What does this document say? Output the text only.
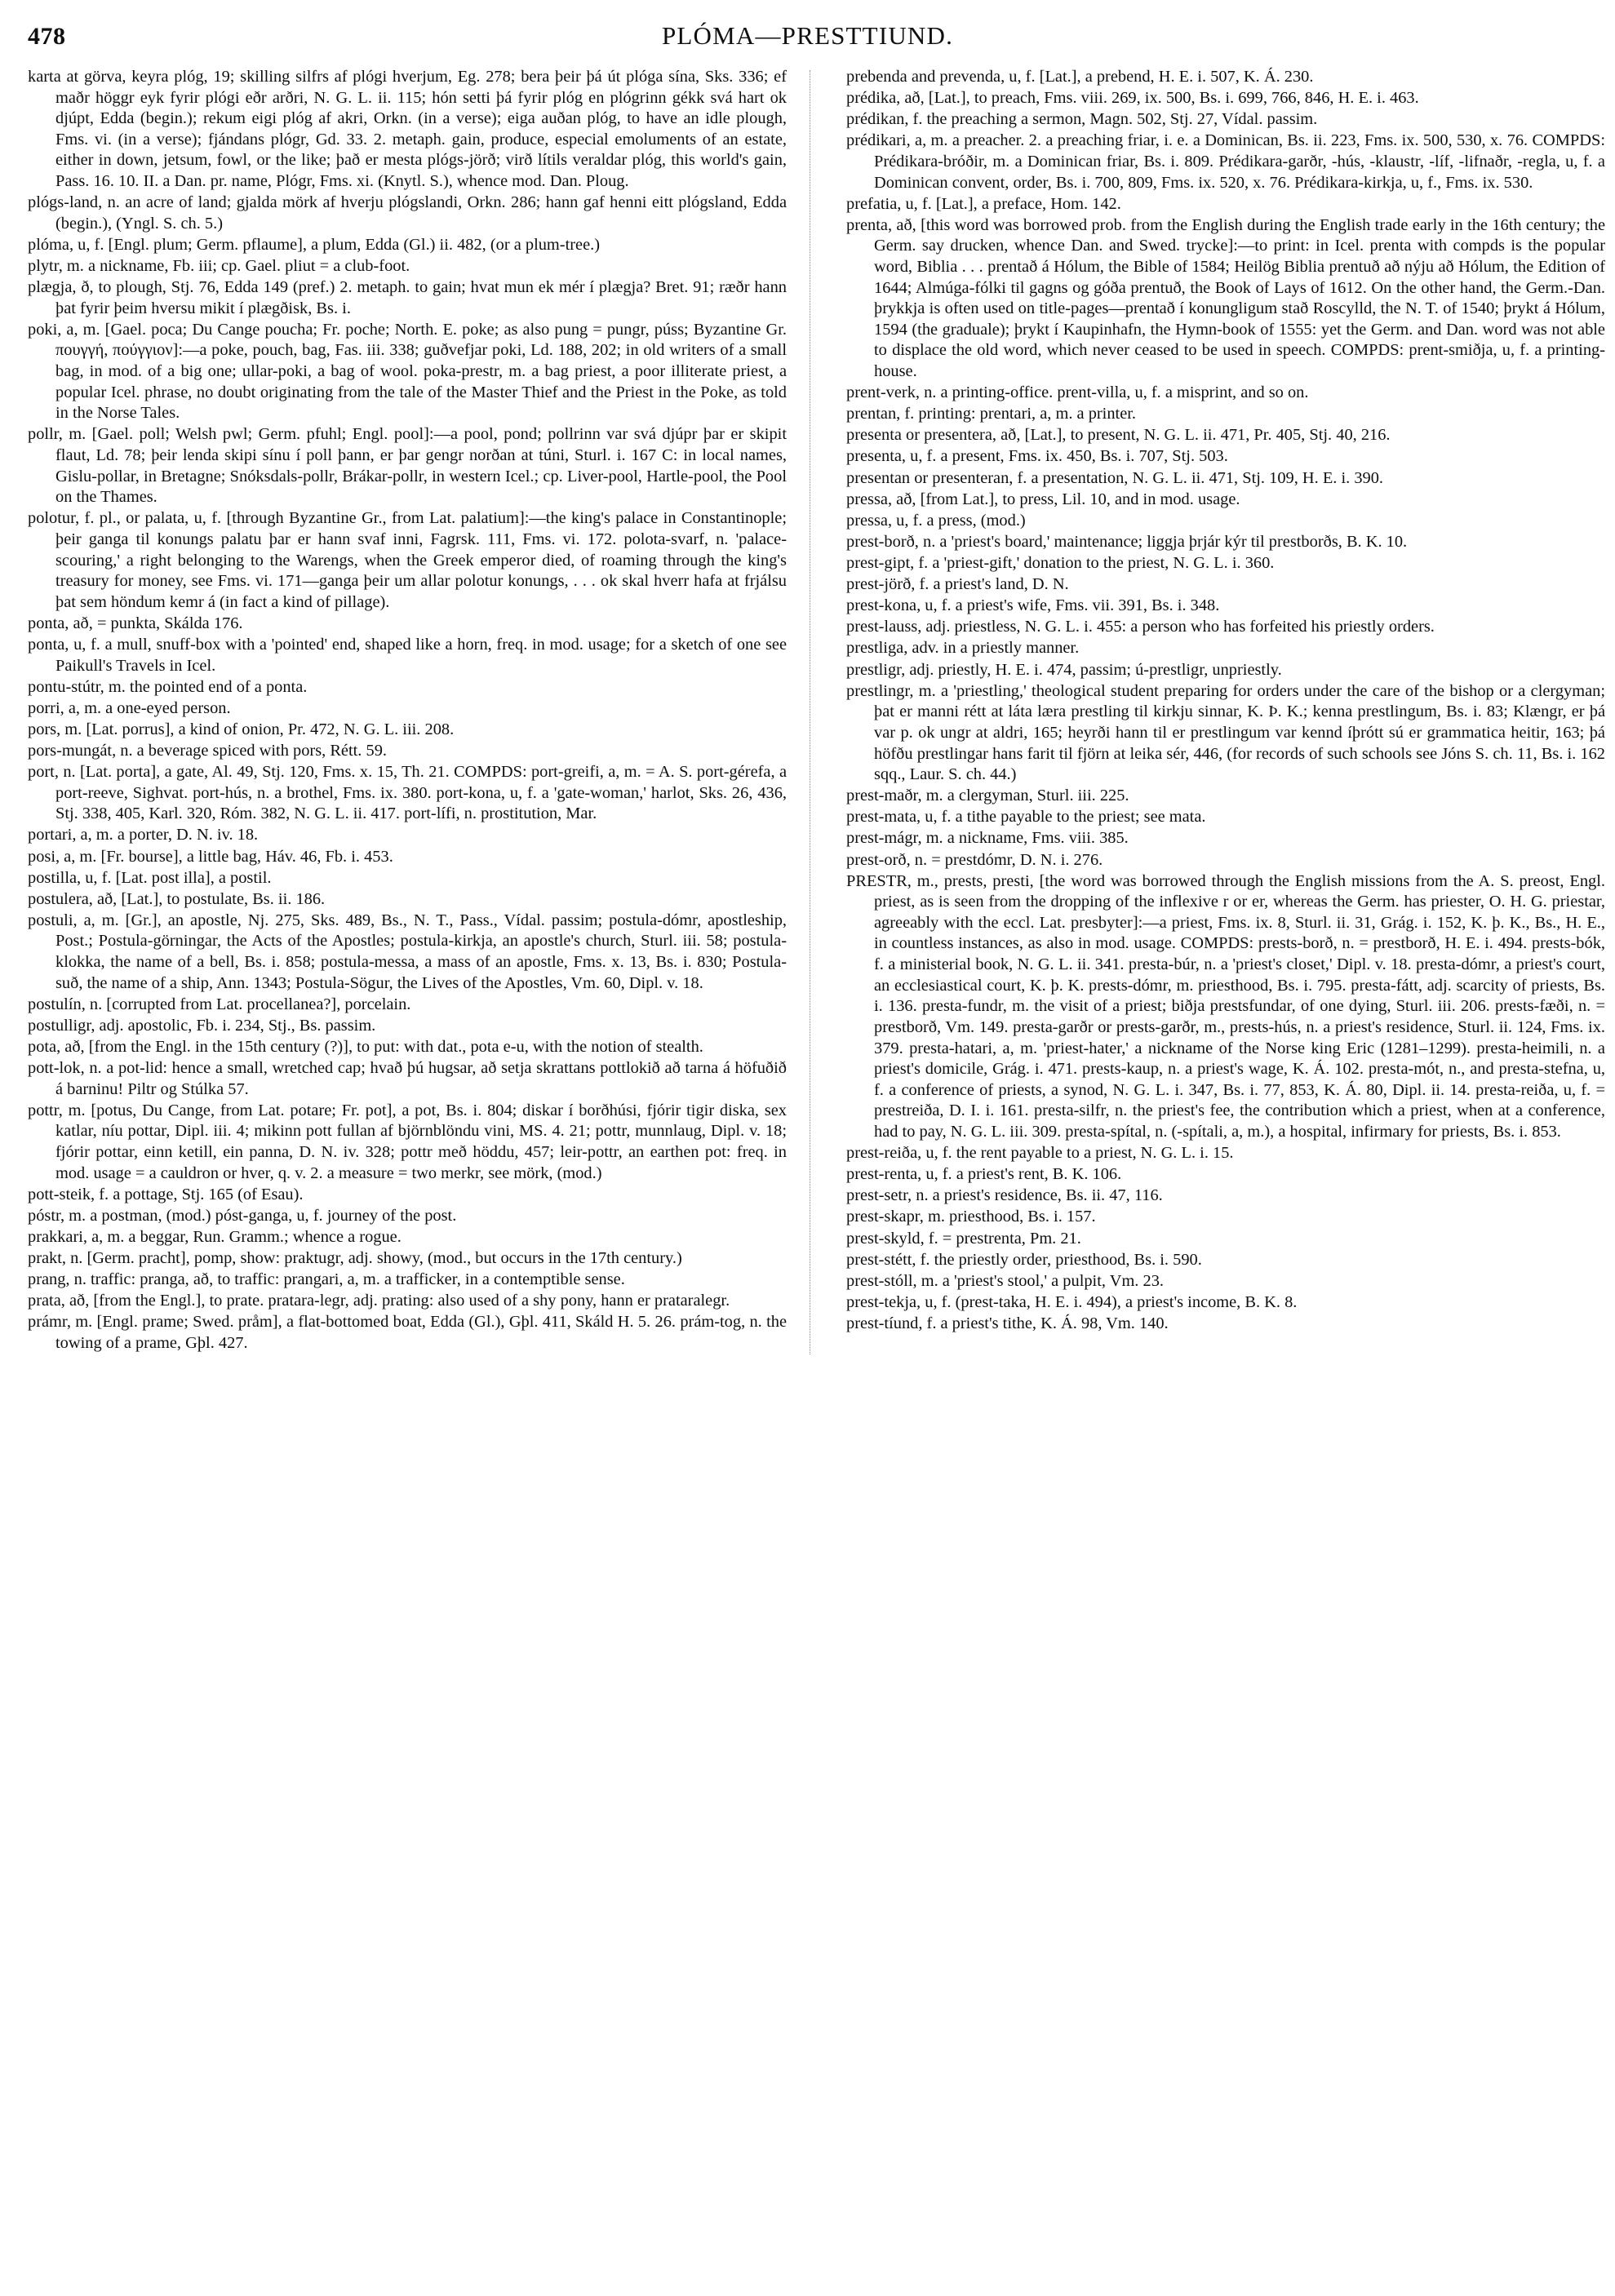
478	PLÓMA—PRESTTIUND.

karta at görva, keyra plóg, 19; skilling silfrs af plógi hverjum, Eg. 278; bera þeir þá út plóga sína, Sks. 336; ef maðr höggr eyk fyrir plógi eðr arðri, N. G. L. ii. 115; hón setti þá fyrir plóg en plógrinn gékk svá hart ok djúpt, Edda (begin.); rekum eigi plóg af akri, Orkn. (in a verse); eiga auðan plóg, to have an idle plough, Fms. vi. (in a verse); fjándans plógr, Gd. 33. 2. metaph. gain, produce, especial emoluments of an estate, either in down, jetsum, fowl, or the like; það er mesta plógs-jörð; virð lítils veraldar plóg, this world's gain, Pass. 16. 10. II. a Dan. pr. name, Plógr, Fms. xi. (Knytl. S.), whence mod. Dan. Ploug.

plógs-land, n. an acre of land; gjalda mörk af hverju plógslandi, Orkn. 286; hann gaf henni eitt plógsland, Edda (begin.), (Yngl. S. ch. 5.)

plóma, u, f. [Engl. plum; Germ. pflaume], a plum, Edda (Gl.) ii. 482, (or a plum-tree.)

plytr, m. a nickname, Fb. iii; cp. Gael. pliut = a club-foot.

plægja, ð, to plough, Stj. 76, Edda 149 (pref.) 2. metaph. to gain; hvat mun ek mér í plægja? Bret. 91; ræðr hann þat fyrir þeim hversu mikit í plægðisk, Bs. i.

poki, a, m. [Gael. poca; Du Cange poucha; Fr. poche; North. E. poke; as also pung = pungr, púss; Byzantine Gr. πουγγή, πούγγιον]:—a poke, pouch, bag, Fas. iii. 338; guðvefjar poki, Ld. 188, 202; in old writers of a small bag, in mod. of a big one; ullar-poki, a bag of wool. poka-prestr, m. a bag priest, a poor illiterate priest, a popular Icel. phrase, no doubt originating from the tale of the Master Thief and the Priest in the Poke, as told in the Norse Tales.

pollr, m. [Gael. poll; Welsh pwl; Germ. pfuhl; Engl. pool]:—a pool, pond; pollrinn var svá djúpr þar er skipit flaut, Ld. 78; þeir lenda skipi sínu í poll þann, er þar gengr norðan at túni, Sturl. i. 167 C: in local names, Gislu-pollar, in Bretagne; Snóksdals-pollr, Brákar-pollr, in western Icel.; cp. Liver-pool, Hartle-pool, the Pool on the Thames.

polotur, f. pl., or palata, u, f. [through Byzantine Gr., from Lat. palatium]:—the king's palace in Constantinople; þeir ganga til konungs palatu þar er hann svaf inni, Fagrsk. 111, Fms. vi. 172. polota-svarf, n. 'palace-scouring,' a right belonging to the Warengs, when the Greek emperor died, of roaming through the king's treasury for money, see Fms. vi. 171—ganga þeir um allar polotur konungs, . . . ok skal hverr hafa at frjálsu þat sem höndum kemr á (in fact a kind of pillage).

ponta, að, = punkta, Skálda 176.

ponta, u, f. a mull, snuff-box with a 'pointed' end, shaped like a horn, freq. in mod. usage; for a sketch of one see Paikull's Travels in Icel.

pontu-stútr, m. the pointed end of a ponta.

porri, a, m. a one-eyed person.

pors, m. [Lat. porrus], a kind of onion, Pr. 472, N. G. L. iii. 208.

pors-mungát, n. a beverage spiced with pors, Rétt. 59.

port, n. [Lat. porta], a gate, Al. 49, Stj. 120, Fms. x. 15, Th. 21. COMPDS: port-greifi, a, m. = A. S. port-gérefa, a port-reeve, Sighvat. port-hús, n. a brothel, Fms. ix. 380. port-kona, u, f. a 'gate-woman,' harlot, Sks. 26, 436, Stj. 338, 405, Karl. 320, Róm. 382, N. G. L. ii. 417. port-lífi, n. prostitution, Mar.

portari, a, m. a porter, D. N. iv. 18.

posi, a, m. [Fr. bourse], a little bag, Háv. 46, Fb. i. 453.

postilla, u, f. [Lat. post illa], a postil.

postulera, að, [Lat.], to postulate, Bs. ii. 186.

postuli, a, m. [Gr.], an apostle, Nj. 275, Sks. 489, Bs., N. T., Pass., Vídal. passim; postula-dómr, apostleship, Post.; Postula-görningar, the Acts of the Apostles; postula-kirkja, an apostle's church, Sturl. iii. 58; postula-klokka, the name of a bell, Bs. i. 858; postula-messa, a mass of an apostle, Fms. x. 13, Bs. i. 830; Postula-suð, the name of a ship, Ann. 1343; Postula-Sögur, the Lives of the Apostles, Vm. 60, Dipl. v. 18.

postulín, n. [corrupted from Lat. procellanea?], porcelain.

postulligr, adj. apostolic, Fb. i. 234, Stj., Bs. passim.

pota, að, [from the Engl. in the 15th century (?)], to put: with dat., pota e-u, with the notion of stealth.

pott-lok, n. a pot-lid: hence a small, wretched cap; hvað þú hugsar, að setja skrattans pottlokið að tarna á höfuðið á barninu! Piltr og Stúlka 57.

pottr, m. [potus, Du Cange, from Lat. potare; Fr. pot], a pot, Bs. i. 804; diskar í borðhúsi, fjórir tigir diska, sex katlar, níu pottar, Dipl. iii. 4; mikinn pott fullan af björnblöndu vini, MS. 4. 21; pottr, munnlaug, Dipl. v. 18; fjórir pottar, einn ketill, ein panna, D. N. iv. 328; pottr með höddu, 457; leir-pottr, an earthen pot: freq. in mod. usage = a cauldron or hver, q. v. 2. a measure = two merkr, see mörk, (mod.)

pott-steik, f. a pottage, Stj. 165 (of Esau).

póstr, m. a postman, (mod.) póst-ganga, u, f. journey of the post.

prakkari, a, m. a beggar, Run. Gramm.; whence a rogue.

prakt, n. [Germ. pracht], pomp, show: praktugr, adj. showy, (mod., but occurs in the 17th century.)

prang, n. traffic: pranga, að, to traffic: prangari, a, m. a trafficker, in a contemptible sense.

prata, að, [from the Engl.], to prate. pratara-legr, adj. prating: also used of a shy pony, hann er prataralegr.

prámr, m. [Engl. prame; Swed. pråm], a flat-bottomed boat, Edda (Gl.), Gþl. 411, Skáld H. 5. 26. prám-tog, n. the towing of a prame, Gþl. 427.

prebenda and prevenda, u, f. [Lat.], a prebend, H. E. i. 507, K. Á. 230.

prédika, að, [Lat.], to preach, Fms. viii. 269, ix. 500, Bs. i. 699, 766, 846, H. E. i. 463.

prédikan, f. the preaching a sermon, Magn. 502, Stj. 27, Vídal. passim.

prédikari, a, m. a preacher. 2. a preaching friar, i. e. a Dominican, Bs. ii. 223, Fms. ix. 500, 530, x. 76. COMPDS: Prédikara-bróðir, m. a Dominican friar, Bs. i. 809. Prédikara-garðr, -hús, -klaustr, -líf, -lifnaðr, -regla, u, f. a Dominican convent, order, Bs. i. 700, 809, Fms. ix. 520, x. 76. Prédikara-kirkja, u, f., Fms. ix. 530.

prefatia, u, f. [Lat.], a preface, Hom. 142.

prenta, að, [this word was borrowed prob. from the English during the English trade early in the 16th century; the Germ. say drucken, whence Dan. and Swed. trycke]:—to print: in Icel. prenta with compds is the popular word, Biblia . . . prentað á Hólum, the Bible of 1584; Heilög Biblia prentuð að nýju að Hólum, the Edition of 1644; Almúga-fólki til gagns og góða prentuð, the Book of Lays of 1612. On the other hand, the Germ.-Dan. þrykkja is often used on title-pages—prentað í konungligum stað Roscylld, the N. T. of 1540; þrykt á Hólum, 1594 (the graduale); þrykt í Kaupinhafn, the Hymn-book of 1555: yet the Germ. and Dan. word was not able to displace the old word, which never ceased to be used in speech. COMPDS: prent-smiðja, u, f. a printing-house.

prent-verk, n. a printing-office. prent-villa, u, f. a misprint, and so on.

prentan, f. printing: prentari, a, m. a printer.

presenta or presentera, að, [Lat.], to present, N. G. L. ii. 471, Pr. 405, Stj. 40, 216.

presenta, u, f. a present, Fms. ix. 450, Bs. i. 707, Stj. 503.

presentan or presenteran, f. a presentation, N. G. L. ii. 471, Stj. 109, H. E. i. 390.

pressa, að, [from Lat.], to press, Lil. 10, and in mod. usage.

pressa, u, f. a press, (mod.)

prest-borð, n. a 'priest's board,' maintenance; liggja þrjár kýr til prestborðs, B. K. 10.

prest-gipt, f. a 'priest-gift,' donation to the priest, N. G. L. i. 360.

prest-jörð, f. a priest's land, D. N.

prest-kona, u, f. a priest's wife, Fms. vii. 391, Bs. i. 348.

prest-lauss, adj. priestless, N. G. L. i. 455: a person who has forfeited his priestly orders.

prestliga, adv. in a priestly manner.

prestligr, adj. priestly, H. E. i. 474, passim; ú-prestligr, unpriestly.

prestlingr, m. a 'priestling,' theological student preparing for orders under the care of the bishop or a clergyman; þat er manni rétt at láta læra prestling til kirkju sinnar, K. Þ. K.; kenna prestlingum, Bs. i. 83; Klængr, er þá var p. ok ungr at aldri, 165; heyrði hann til er prestlingum var kennd íþrótt sú er grammatica heitir, 163; þá höfðu prestlingar hans farit til fjörn at leika sér, 446, (for records of such schools see Jóns S. ch. 11, Bs. i. 162 sqq., Laur. S. ch. 44.)

prest-maðr, m. a clergyman, Sturl. iii. 225.

prest-mata, u, f. a tithe payable to the priest; see mata.

prest-mágr, m. a nickname, Fms. viii. 385.

prest-orð, n. = prestdómr, D. N. i. 276.

PRESTR, m., prests, presti, [the word was borrowed through the English missions from the A. S. preost, Engl. priest, as is seen from the dropping of the inflexive r or er, whereas the Germ. has priester, O. H. G. priestar, agreeably with the eccl. Lat. presbyter]:—a priest, Fms. ix. 8, Sturl. ii. 31, Grág. i. 152, K. þ. K., Bs., H. E., in countless instances, as also in mod. usage. COMPDS: prests-borð, n. = prestborð, H. E. i. 494. prests-bók, f. a ministerial book, N. G. L. ii. 341. presta-búr, n. a 'priest's closet,' Dipl. v. 18. presta-dómr, a priest's court, an ecclesiastical court, K. þ. K. prests-dómr, m. priesthood, Bs. i. 795. presta-fátt, adj. scarcity of priests, Bs. i. 136. presta-fundr, m. the visit of a priest; biðja prestsfundar, of one dying, Sturl. iii. 206. prests-fæði, n. = prestborð, Vm. 149. presta-garðr or prests-garðr, m., prests-hús, n. a priest's residence, Sturl. ii. 124, Fms. ix. 379. presta-hatari, a, m. 'priest-hater,' a nickname of the Norse king Eric (1281–1299). presta-heimili, n. a priest's domicile, Grág. i. 471. prests-kaup, n. a priest's wage, K. Á. 102. presta-mót, n., and presta-stefna, u, f. a conference of priests, a synod, N. G. L. i. 347, Bs. i. 77, 853, K. Á. 80, Dipl. ii. 14. presta-reiða, u, f. = prestreiða, D. I. i. 161. presta-silfr, n. the priest's fee, the contribution which a priest, when at a conference, had to pay, N. G. L. iii. 309. presta-spítal, n. (-spítali, a, m.), a hospital, infirmary for priests, Bs. i. 853.

prest-reiða, u, f. the rent payable to a priest, N. G. L. i. 15.

prest-renta, u, f. a priest's rent, B. K. 106.

prest-setr, n. a priest's residence, Bs. ii. 47, 116.

prest-skapr, m. priesthood, Bs. i. 157.

prest-skyld, f. = prestrenta, Pm. 21.

prest-stétt, f. the priestly order, priesthood, Bs. i. 590.

prest-stóll, m. a 'priest's stool,' a pulpit, Vm. 23.

prest-tekja, u, f. (prest-taka, H. E. i. 494), a priest's income, B. K. 8.

prest-tíund, f. a priest's tithe, K. Á. 98, Vm. 140.
